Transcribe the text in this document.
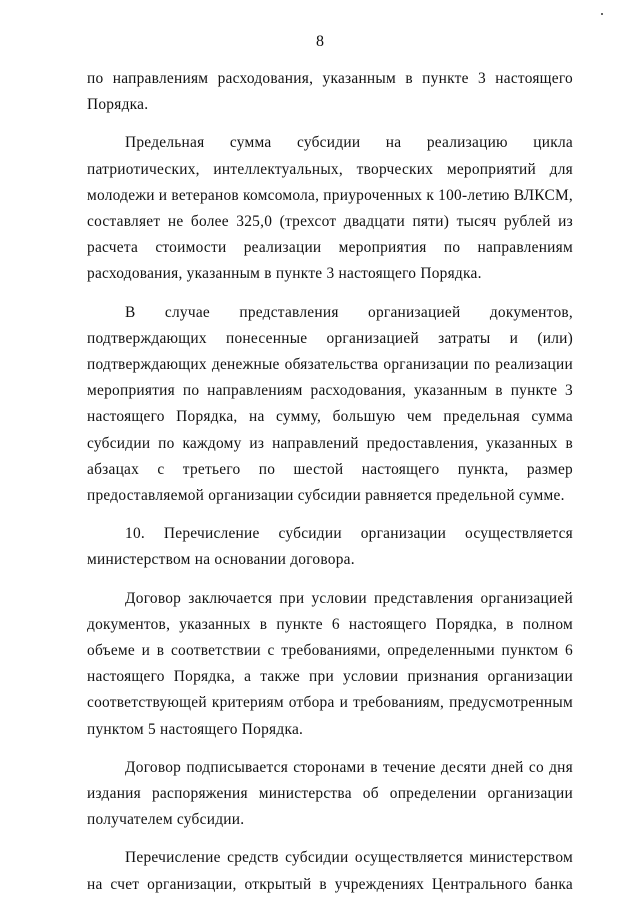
8

по направлениям расходования, указанным в пункте 3 настоящего Порядка.

Предельная сумма субсидии на реализацию цикла патриотических, интеллектуальных, творческих мероприятий для молодежи и ветеранов комсомола, приуроченных к 100-летию ВЛКСМ, составляет не более 325,0 (трехсот двадцати пяти) тысяч рублей из расчета стоимости реализации мероприятия по направлениям расходования, указанным в пункте 3 настоящего Порядка.

В случае представления организацией документов, подтверждающих понесенные организацией затраты и (или) подтверждающих денежные обязательства организации по реализации мероприятия по направлениям расходования, указанным в пункте 3 настоящего Порядка, на сумму, большую чем предельная сумма субсидии по каждому из направлений предоставления, указанных в абзацах с третьего по шестой настоящего пункта, размер предоставляемой организации субсидии равняется предельной сумме.

10. Перечисление субсидии организации осуществляется министерством на основании договора.

Договор заключается при условии представления организацией документов, указанных в пункте 6 настоящего Порядка, в полном объеме и в соответствии с требованиями, определенными пунктом 6 настоящего Порядка, а также при условии признания организации соответствующей критериям отбора и требованиям, предусмотренным пунктом 5 настоящего Порядка.

Договор подписывается сторонами в течение десяти дней со дня издания распоряжения министерства об определении организации получателем субсидии.

Перечисление средств субсидии осуществляется министерством на счет организации, открытый в учреждениях Центрального банка
